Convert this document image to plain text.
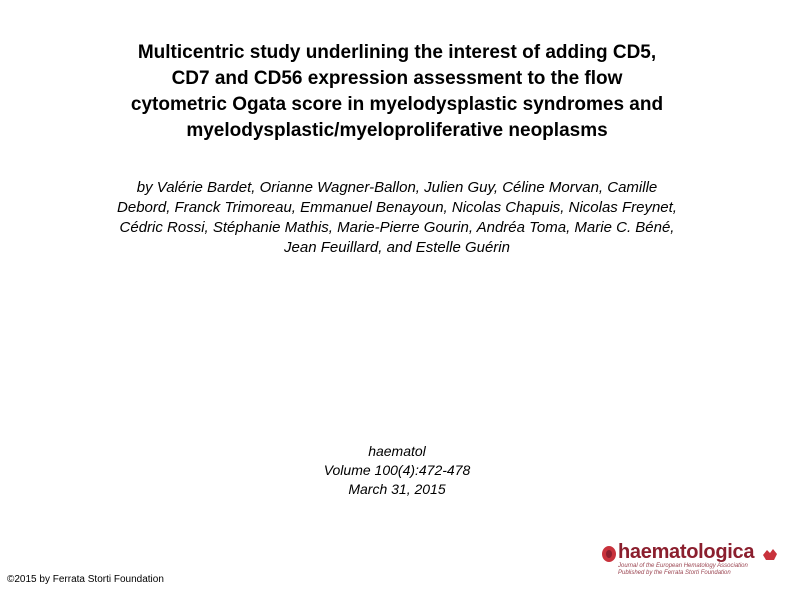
Multicentric study underlining the interest of adding CD5,
CD7 and CD56 expression assessment to the flow
cytometric Ogata score in myelodysplastic syndromes and
myelodysplastic/myeloproliferative neoplasms
by Valérie Bardet, Orianne Wagner-Ballon, Julien Guy, Céline Morvan, Camille
Debord, Franck Trimoreau, Emmanuel Benayoun, Nicolas Chapuis, Nicolas Freynet,
Cédric Rossi, Stéphanie Mathis, Marie-Pierre Gourin, Andréa Toma, Marie C. Béné,
Jean Feuillard, and Estelle Guérin
haematol
Volume 100(4):472-478
March 31, 2015
©2015 by Ferrata Storti Foundation
haematologica
Journal of the European Hematology Association
Published by the Ferrata Storti Foundation
